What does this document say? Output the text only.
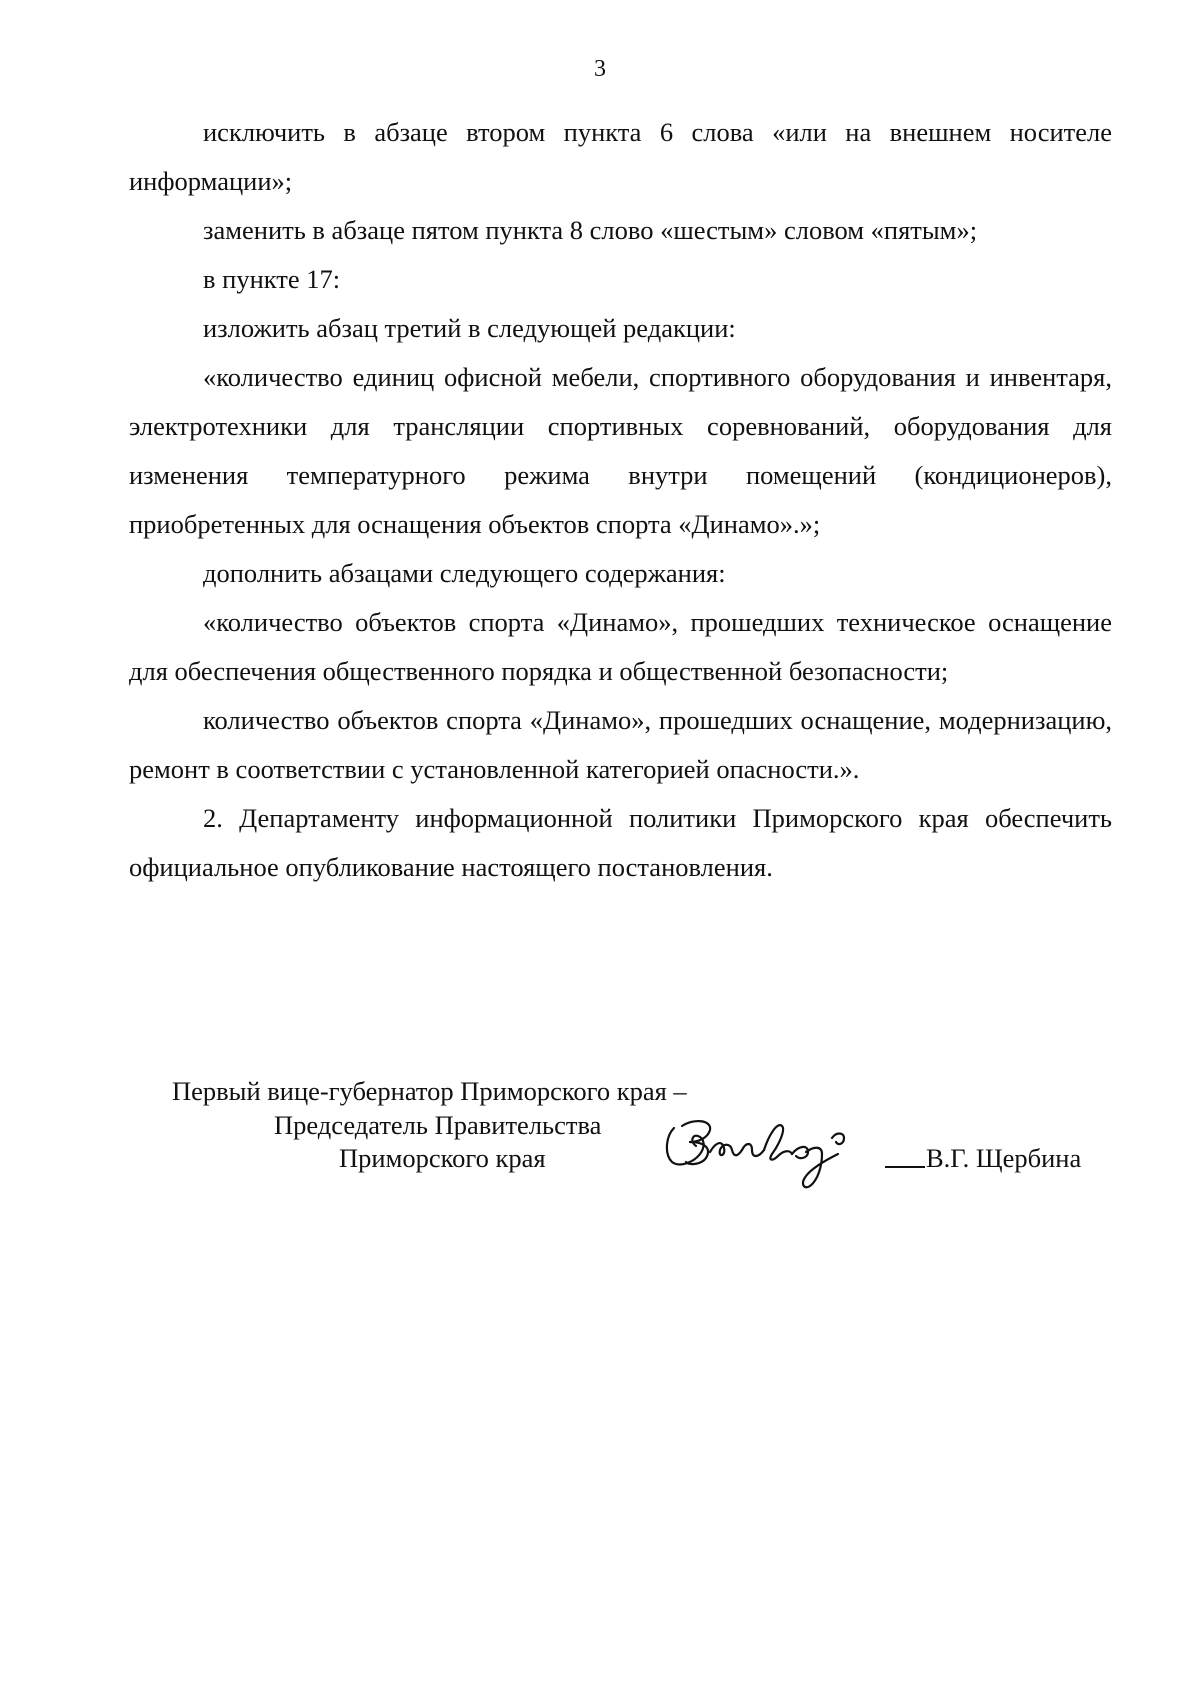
3

исключить в абзаце втором пункта 6 слова «или на внешнем носителе информации»;

заменить в абзаце пятом пункта 8 слово «шестым» словом «пятым»;

в пункте 17:

изложить абзац третий в следующей редакции:

«количество единиц офисной мебели, спортивного оборудования и инвентаря, электротехники для трансляции спортивных соревнований, оборудования для изменения температурного режима внутри помещений (кондиционеров), приобретенных для оснащения объектов спорта «Динамо».»;

дополнить абзацами следующего содержания:

«количество объектов спорта «Динамо», прошедших техническое оснащение для обеспечения общественного порядка и общественной безопасности;

количество объектов спорта «Динамо», прошедших оснащение, модернизацию, ремонт в соответствии с установленной категорией опасности.».

2. Департаменту информационной политики Приморского края обеспечить официальное опубликование настоящего постановления.

Первый вице-губернатор Приморского края –
Председатель Правительства
Приморского края	В.Г. Щербина
